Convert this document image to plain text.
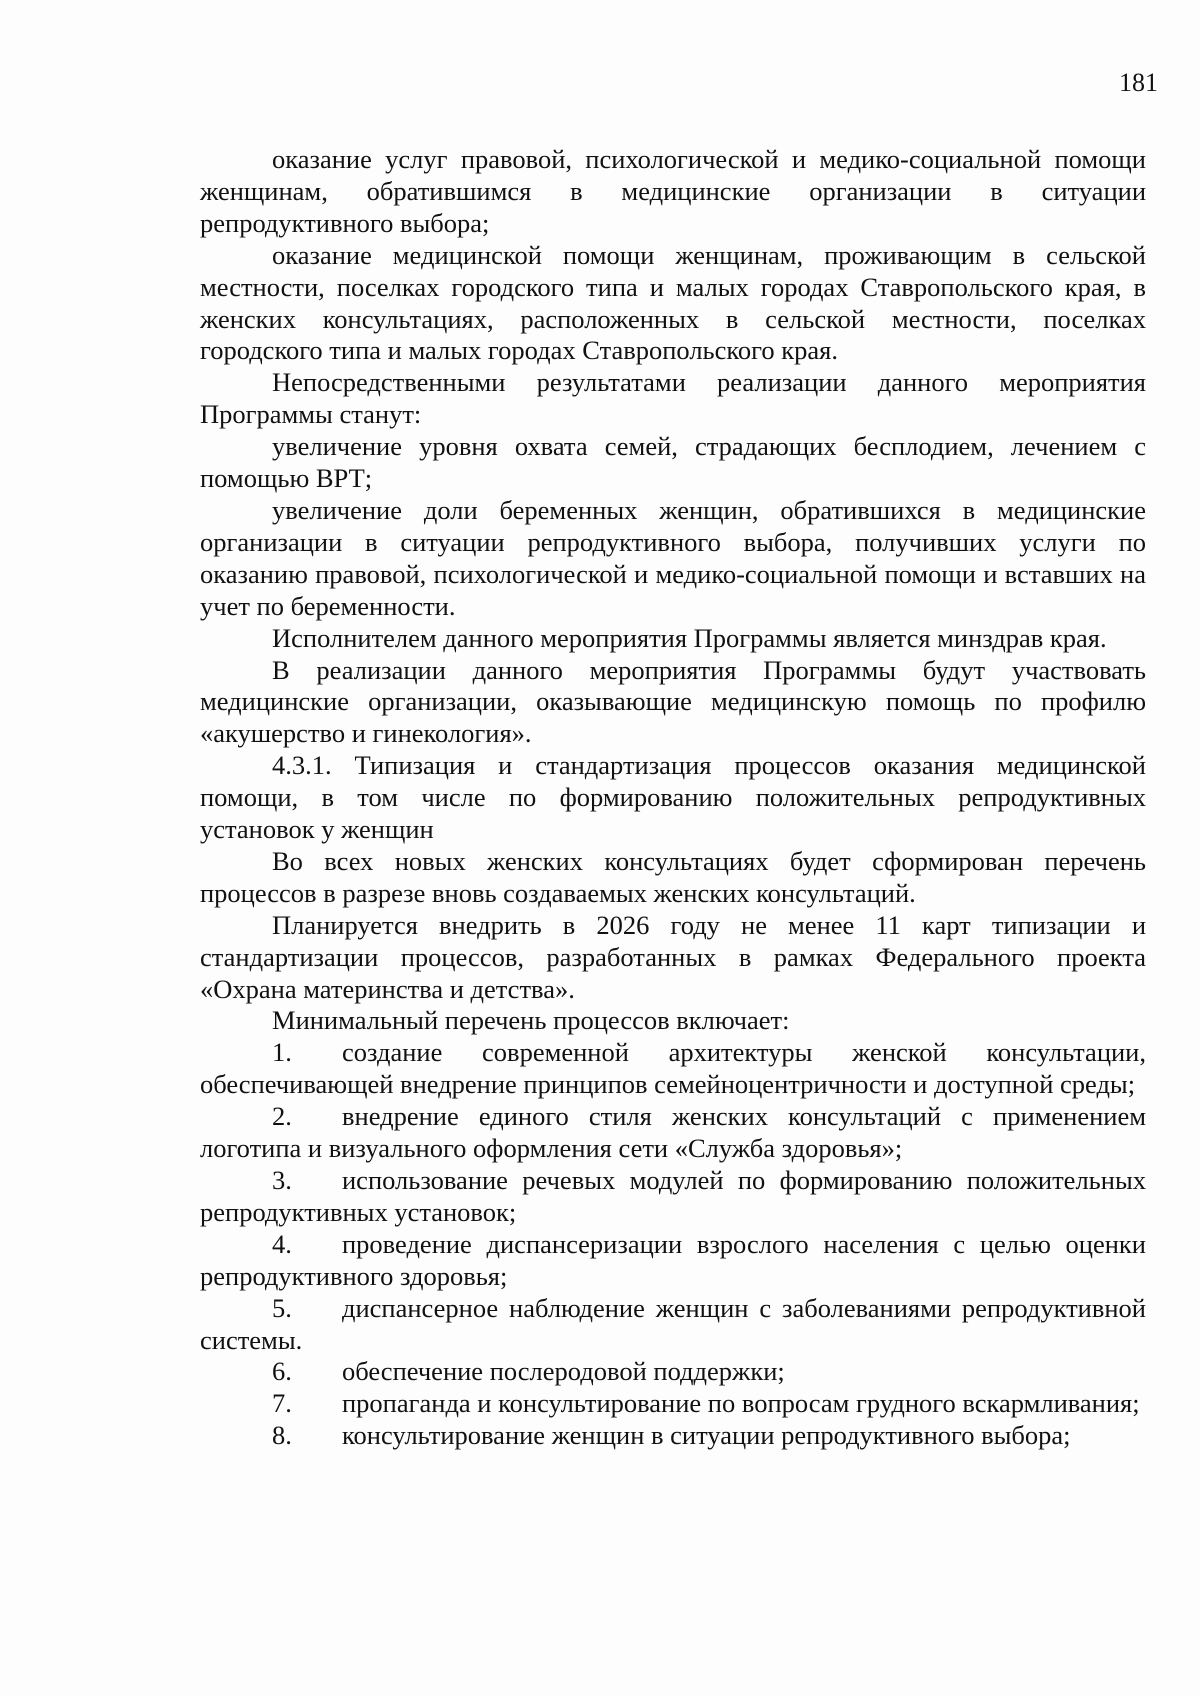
181

оказание услуг правовой, психологической и медико-социальной помощи женщинам, обратившимся в медицинские организации в ситуации репродуктивного выбора;

оказание медицинской помощи женщинам, проживающим в сельской местности, поселках городского типа и малых городах Ставропольского края, в женских консультациях, расположенных в сельской местности, поселках городского типа и малых городах Ставропольского края.

Непосредственными результатами реализации данного мероприятия Программы станут:

увеличение уровня охвата семей, страдающих бесплодием, лечением с помощью ВРТ;

увеличение доли беременных женщин, обратившихся в медицинские организации в ситуации репродуктивного выбора, получивших услуги по оказанию правовой, психологической и медико-социальной помощи и вставших на учет по беременности.

Исполнителем данного мероприятия Программы является минздрав края.

В реализации данного мероприятия Программы будут участвовать медицинские организации, оказывающие медицинскую помощь по профилю «акушерство и гинекология».

4.3.1. Типизация и стандартизация процессов оказания медицинской помощи, в том числе по формированию положительных репродуктивных установок у женщин

Во всех новых женских консультациях будет сформирован перечень процессов в разрезе вновь создаваемых женских консультаций.

Планируется внедрить в 2026 году не менее 11 карт типизации и стандартизации процессов, разработанных в рамках Федерального проекта «Охрана материнства и детства».

Минимальный перечень процессов включает:

1. создание современной архитектуры женской консультации, обеспечивающей внедрение принципов семейноцентричности и доступной среды;
2. внедрение единого стиля женских консультаций с применением логотипа и визуального оформления сети «Служба здоровья»;
3. использование речевых модулей по формированию положительных репродуктивных установок;
4. проведение диспансеризации взрослого населения с целью оценки репродуктивного здоровья;
5. диспансерное наблюдение женщин с заболеваниями репродуктивной системы.
6. обеспечение послеродовой поддержки;
7. пропаганда и консультирование по вопросам грудного вскармливания;
8. консультирование женщин в ситуации репродуктивного выбора;
